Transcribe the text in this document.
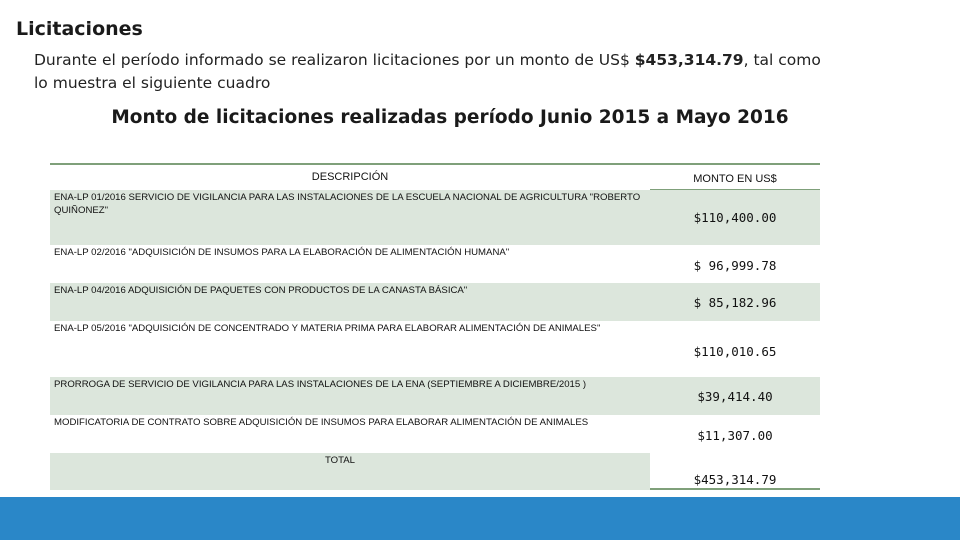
Licitaciones
Durante el período informado se realizaron licitaciones por un monto de US$ $453,314.79, tal como lo muestra el siguiente cuadro
Monto de licitaciones realizadas período Junio 2015 a Mayo 2016
DESCRIPCIÓN	MONTO EN US$
ENA-LP 01/2016 SERVICIO DE VIGILANCIA PARA LAS INSTALACIONES DE LA ESCUELA NACIONAL DE AGRICULTURA "ROBERTO QUIÑONEZ"	$110,400.00
ENA-LP 02/2016 "ADQUISICIÓN DE INSUMOS PARA LA ELABORACIÓN DE ALIMENTACIÓN HUMANA"
$ 96,999.78
ENA-LP 04/2016 ADQUISICIÓN DE PAQUETES CON PRODUCTOS DE LA CANASTA BÁSICA"
$ 85,182.96
ENA-LP 05/2016 "ADQUISICIÓN DE CONCENTRADO Y MATERIA PRIMA PARA ELABORAR ALIMENTACIÓN DE ANIMALES"
$110,010.65
PRORROGA DE SERVICIO DE VIGILANCIA PARA LAS INSTALACIONES DE LA ENA (SEPTIEMBRE A DICIEMBRE/2015 )
$39,414.40
MODIFICATORIA DE CONTRATO SOBRE ADQUISICIÓN DE INSUMOS PARA ELABORAR ALIMENTACIÓN DE ANIMALES
$11,307.00
TOTAL
$453,314.79
